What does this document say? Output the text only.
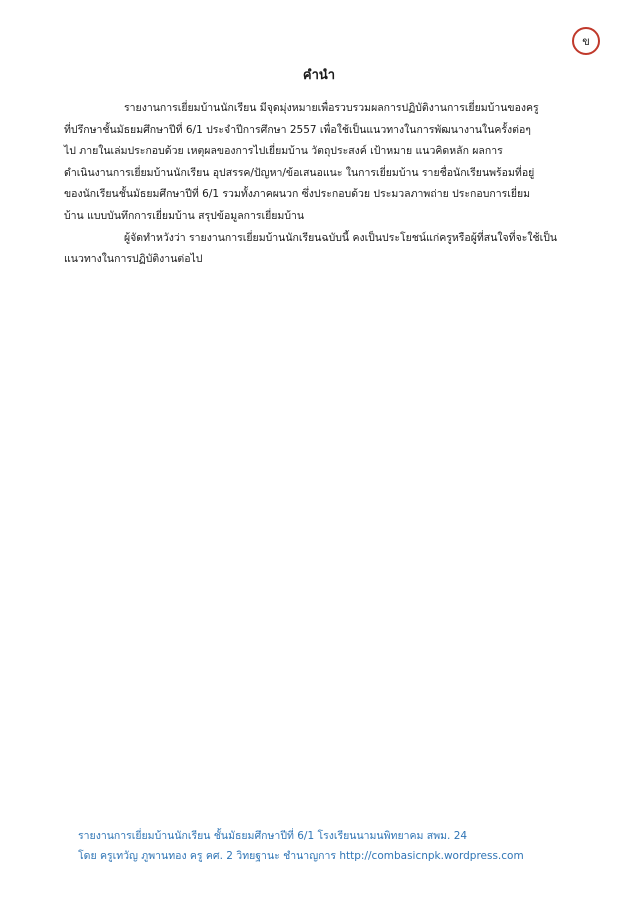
ข
คำนำ
รายงานการเยี่ยมบ้านนักเรียน มีจุดมุ่งหมายเพื่อรวบรวมผลการปฏิบัติงานการเยี่ยมบ้านของครู
ที่ปรึกษาชั้นมัธยมศึกษาปีที่ 6/1 ประจำปีการศึกษา 2557 เพื่อใช้เป็นแนวทางในการพัฒนางานในครั้งต่อๆ
ไป ภายในเล่มประกอบด้วย เหตุผลของการไปเยี่ยมบ้าน วัตถุประสงค์ เป้าหมาย แนวคิดหลัก ผลการ
ดำเนินงานการเยี่ยมบ้านนักเรียน อุปสรรค/ปัญหา/ข้อเสนอแนะ ในการเยี่ยมบ้าน รายชื่อนักเรียนพร้อมที่อยู่
ของนักเรียนชั้นมัธยมศึกษาปีที่ 6/1 รวมทั้งภาคผนวก ซึ่งประกอบด้วย ประมวลภาพถ่าย ประกอบการเยี่ยม
บ้าน แบบบันทึกการเยี่ยมบ้าน สรุปข้อมูลการเยี่ยมบ้าน
ผู้จัดทำหวังว่า รายงานการเยี่ยมบ้านนักเรียนฉบับนี้ คงเป็นประโยชน์แก่ครูหรือผู้ที่สนใจที่จะใช้เป็น
แนวทางในการปฏิบัติงานต่อไป
รายงานการเยี่ยมบ้านนักเรียน ชั้นมัธยมศึกษาปีที่ 6/1 โรงเรียนนามนพิทยาคม สพม. 24
โดย ครูเทวัญ ภูพานทอง ครู คศ. 2 วิทยฐานะ ชำนาญการ http://combasicnpk.wordpress.com
